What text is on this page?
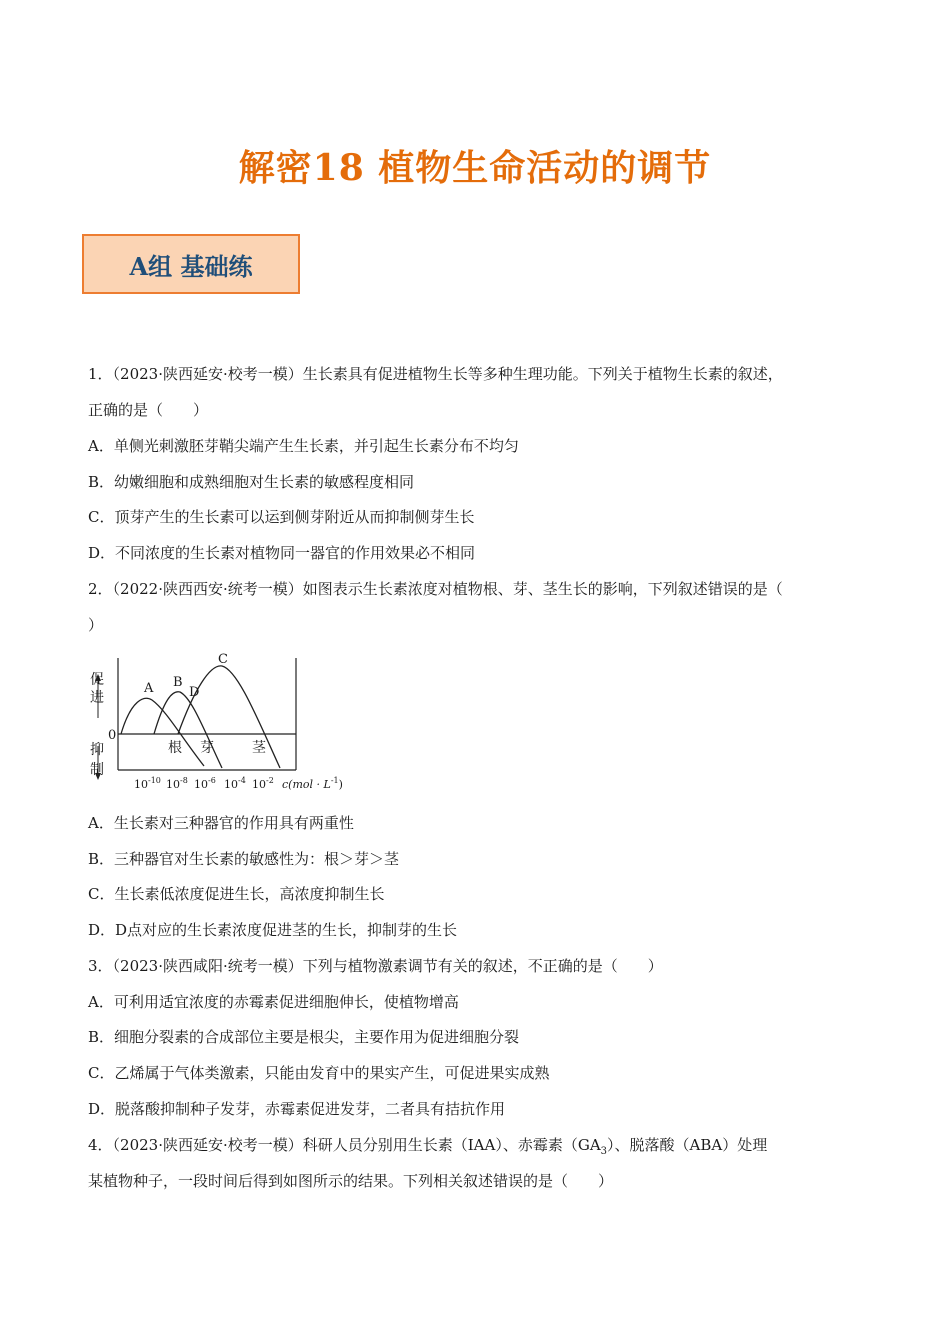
解密18 植物生命活动的调节
A组 基础练
1．（2023·陕西延安·校考一模）生长素具有促进植物生长等多种生理功能。下列关于植物生长素的叙述，
正确的是（　　）
A．单侧光刺激胚芽鞘尖端产生生长素，并引起生长素分布不均匀
B．幼嫩细胞和成熟细胞对生长素的敏感程度相同
C．顶芽产生的生长素可以运到侧芽附近从而抑制侧芽生长
D．不同浓度的生长素对植物同一器官的作用效果必不相同
2．（2022·陕西西安·统考一模）如图表示生长素浓度对植物根、芽、茎生长的影响，下列叙述错误的是（
）
促
进
0
抑
制
A B
D
C
根 芽	茎
$10^{-10}$ $10^{-8}$ $10^{-6}$ $10^{-4}$ $10^{-2}$ $c(mol \cdot L^{-1})$
A．生长素对三种器官的作用具有两重性
B．三种器官对生长素的敏感性为：根＞芽＞茎
C．生长素低浓度促进生长，高浓度抑制生长
D．D点对应的生长素浓度促进茎的生长，抑制芽的生长
3．（2023·陕西咸阳·统考一模）下列与植物激素调节有关的叙述，不正确的是（　　）
A．可利用适宜浓度的赤霉素促进细胞伸长，使植物增高
B．细胞分裂素的合成部位主要是根尖，主要作用为促进细胞分裂
C．乙烯属于气体类激素，只能由发育中的果实产生，可促进果实成熟
D．脱落酸抑制种子发芽，赤霉素促进发芽，二者具有拮抗作用
4．（2023·陕西延安·校考一模）科研人员分别用生长素（IAA）、赤霉素$(GA_3)$、脱落酸（ABA）处理
某植物种子，一段时间后得到如图所示的结果。下列相关叙述错误的是（　　）
